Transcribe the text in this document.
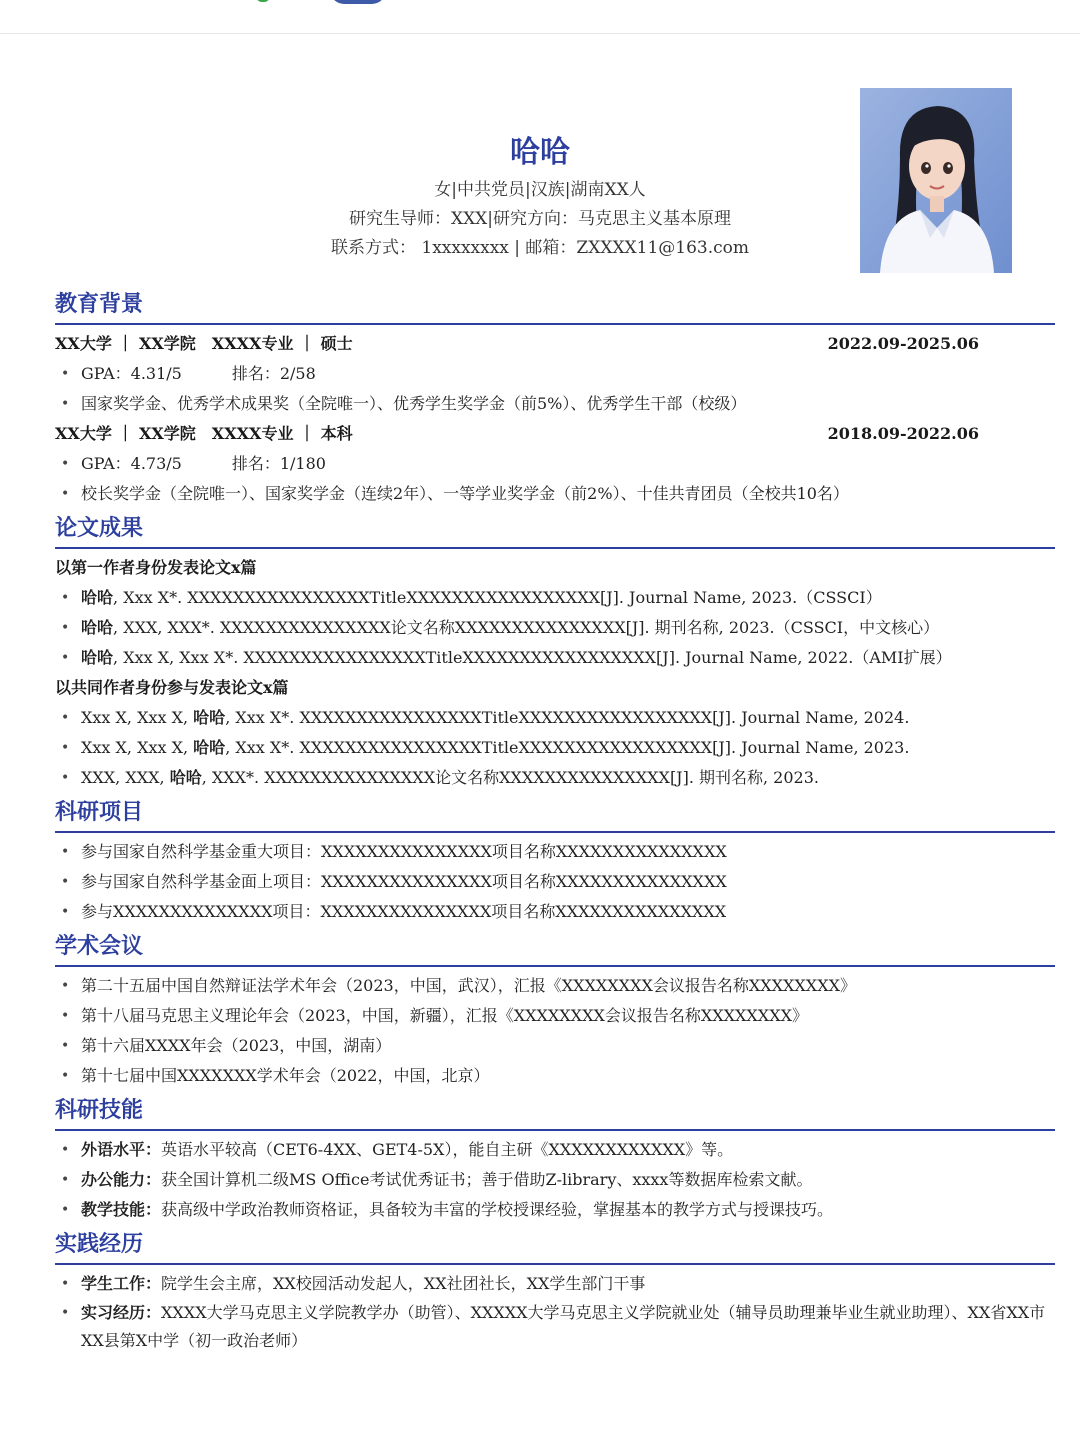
哈哈
女|中共党员|汉族|湖南XX人
研究生导师：XXX|研究方向：马克思主义基本原理
联系方式： 1xxxxxxxx | 邮箱：ZXXXX11@163.com
教育背景
XX大学 ｜ XX学院　XXXX专业 ｜ 硕士	2022.09-2025.06
• GPA：4.31/5	排名：2/58
• 国家奖学金、优秀学术成果奖（全院唯一）、优秀学生奖学金（前5%）、优秀学生干部（校级）
XX大学 ｜ XX学院　XXXX专业 ｜ 本科	2018.09-2022.06
• GPA：4.73/5	排名：1/180
• 校长奖学金（全院唯一）、国家奖学金（连续2年）、一等学业奖学金（前2%）、十佳共青团员（全校共10名）
论文成果
以第一作者身份发表论文x篇
• 哈哈, Xxx X*. XXXXXXXXXXXXXXXXTitleXXXXXXXXXXXXXXXXX[J]. Journal Name, 2023.（CSSCI）
• 哈哈, XXX, XXX*. XXXXXXXXXXXXXXX论文名称XXXXXXXXXXXXXXX[J]. 期刊名称, 2023.（CSSCI，中文核心）
• 哈哈, Xxx X, Xxx X*. XXXXXXXXXXXXXXXXTitleXXXXXXXXXXXXXXXXX[J]. Journal Name, 2022.（AMI扩展）
以共同作者身份参与发表论文x篇
• Xxx X, Xxx X, 哈哈, Xxx X*. XXXXXXXXXXXXXXXXTitleXXXXXXXXXXXXXXXXX[J]. Journal Name, 2024.
• Xxx X, Xxx X, 哈哈, Xxx X*. XXXXXXXXXXXXXXXXTitleXXXXXXXXXXXXXXXXX[J]. Journal Name, 2023.
• XXX, XXX, 哈哈, XXX*. XXXXXXXXXXXXXXX论文名称XXXXXXXXXXXXXXX[J]. 期刊名称, 2023.
科研项目
• 参与国家自然科学基金重大项目：XXXXXXXXXXXXXXX项目名称XXXXXXXXXXXXXXX
• 参与国家自然科学基金面上项目：XXXXXXXXXXXXXXX项目名称XXXXXXXXXXXXXXX
• 参与XXXXXXXXXXXXXX项目：XXXXXXXXXXXXXXX项目名称XXXXXXXXXXXXXXX
学术会议
• 第二十五届中国自然辩证法学术年会（2023，中国，武汉），汇报《XXXXXXXX会议报告名称XXXXXXXX》
• 第十八届马克思主义理论年会（2023，中国，新疆），汇报《XXXXXXXX会议报告名称XXXXXXXX》
• 第十六届XXXX年会（2023，中国，湖南）
• 第十七届中国XXXXXXX学术年会（2022，中国，北京）
科研技能
• 外语水平：英语水平较高（CET6-4XX、GET4-5X），能自主研《XXXXXXXXXXXX》等。
• 办公能力：获全国计算机二级MS Office考试优秀证书；善于借助Z-library、xxxx等数据库检索文献。
• 教学技能：获高级中学政治教师资格证，具备较为丰富的学校授课经验，掌握基本的教学方式与授课技巧。
实践经历
• 学生工作：院学生会主席，XX校园活动发起人，XX社团社长，XX学生部门干事
• 实习经历：XXXX大学马克思主义学院教学办（助管）、XXXXX大学马克思主义学院就业处（辅导员助理兼毕业生就业助理）、XX省XX市XX县第X中学（初一政治老师）
